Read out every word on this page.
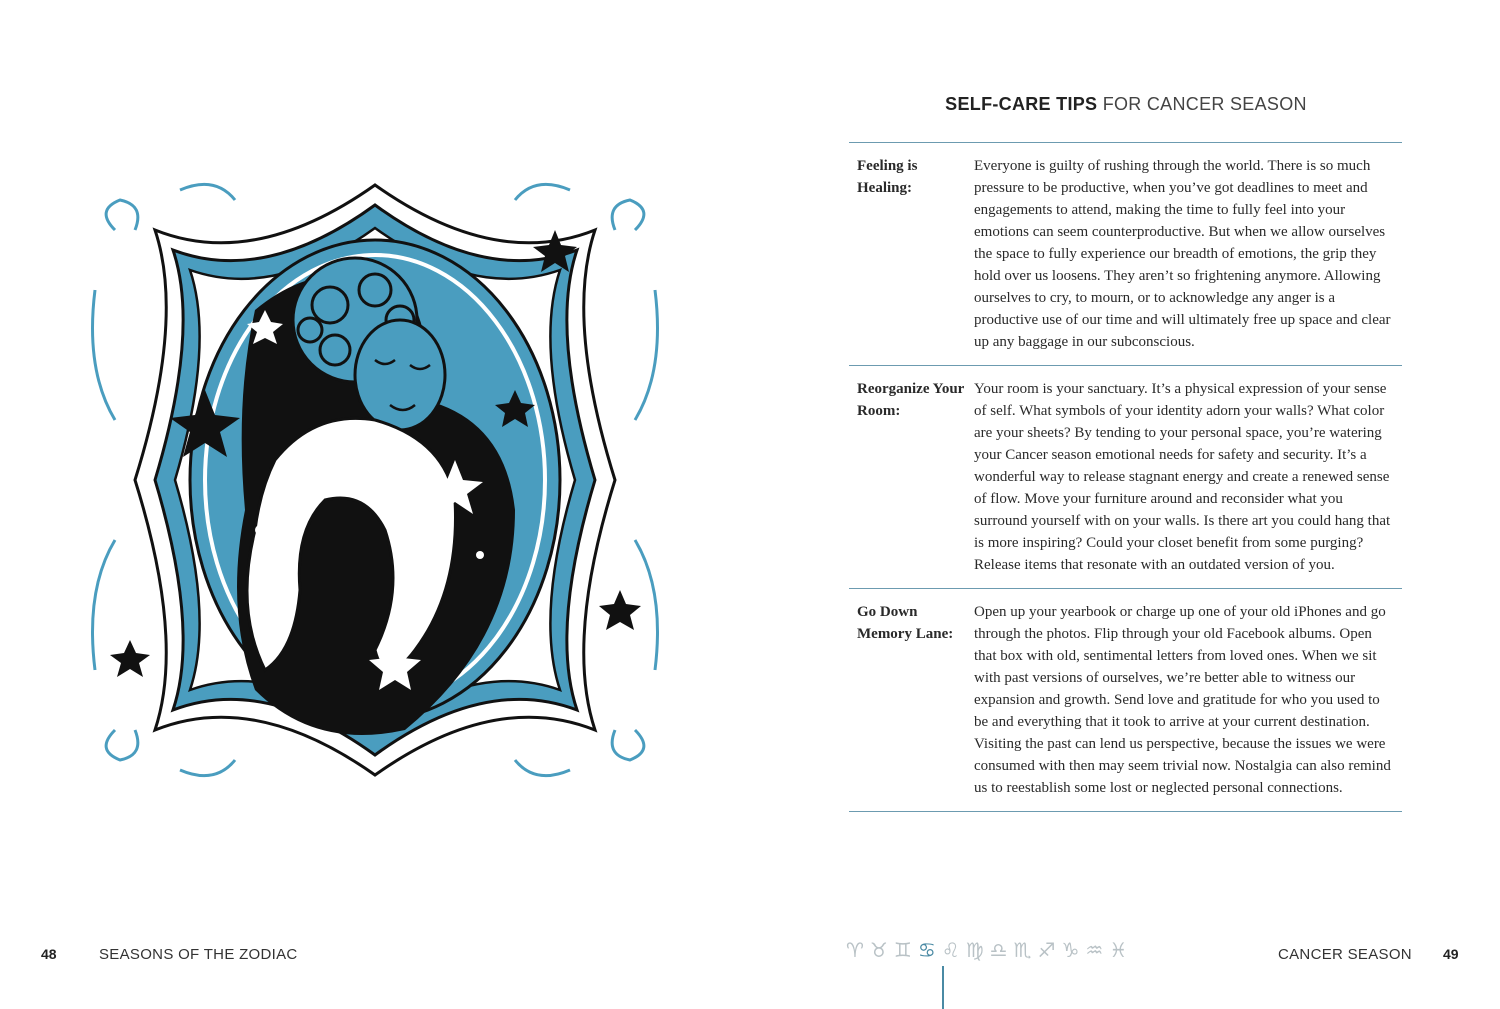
SELF-CARE TIPS FOR CANCER SEASON
Feeling is Healing:
Everyone is guilty of rushing through the world. There is so much pressure to be productive, when you’ve got deadlines to meet and engagements to attend, making the time to fully feel into your emotions can seem counterproductive. But when we allow ourselves the space to fully experience our breadth of emotions, the grip they hold over us loosens. They aren’t so frightening anymore. Allowing ourselves to cry, to mourn, or to acknowledge any anger is a productive use of our time and will ultimately free up space and clear up any baggage in our subconscious.
Reorganize Your Room:
Your room is your sanctuary. It’s a physical expression of your sense of self. What symbols of your identity adorn your walls? What color are your sheets? By tending to your personal space, you’re watering your Cancer season emotional needs for safety and security. It’s a wonderful way to release stagnant energy and create a renewed sense of flow. Move your furniture around and reconsider what you surround yourself with on your walls. Is there art you could hang that is more inspiring? Could your closet benefit from some purging? Release items that resonate with an outdated version of you.
Go Down Memory Lane:
Open up your yearbook or charge up one of your old iPhones and go through the photos. Flip through your old Facebook albums. Open that box with old, sentimental letters from loved ones. When we sit with past versions of ourselves, we’re better able to witness our expansion and growth. Send love and gratitude for who you used to be and everything that it took to arrive at your current destination. Visiting the past can lend us perspective, because the issues we were consumed with then may seem trivial now. Nostalgia can also remind us to reestablish some lost or neglected personal connections.
48	SEASONS OF THE ZODIAC	♈ ♉ ♊ ♋ ♌ ♍ ♎ ♏ ♐ ♑ ♒ ♓	CANCER SEASON 49
